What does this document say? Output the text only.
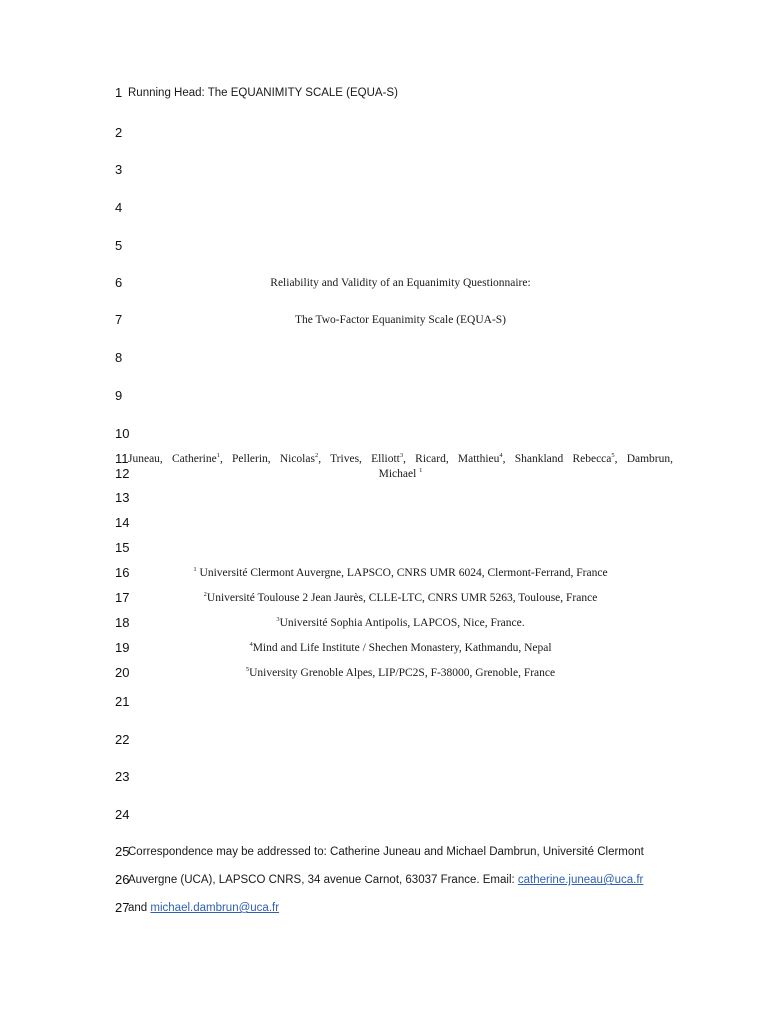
1 Running Head: The EQUANIMITY SCALE (EQUA-S)
2
3
4
5
6	Reliability and Validity of an Equanimity Questionnaire:
7	The Two-Factor Equanimity Scale (EQUA-S)
8
9
10
11 Juneau, Catherine$^1$, Pellerin, Nicolas$^2$, Trives, Elliott$^3$, Ricard, Matthieu$^4$, Shankland Rebecca$^5$, Dambrun,
12	Michael $^1$
13
14
15
16	$^1$ Université Clermont Auvergne, LAPSCO, CNRS UMR 6024, Clermont-Ferrand, France
17	$^2$Université Toulouse 2 Jean Jaurès, CLLE-LTC, CNRS UMR 5263, Toulouse, France
18	$^3$Université Sophia Antipolis, LAPCOS, Nice, France.
19	$^4$Mind and Life Institute / Shechen Monastery, Kathmandu, Nepal
20	$^5$University Grenoble Alpes, LIP/PC2S, F-38000, Grenoble, France
21
22
23
24
25
Correspondence may be addressed to: Catherine Juneau and Michael Dambrun, Université Clermont
26
Auvergne (UCA), LAPSCO CNRS, 34 avenue Carnot, 63037 France. Email: catherine.juneau@uca.fr
27
and michael.dambrun@uca.fr
